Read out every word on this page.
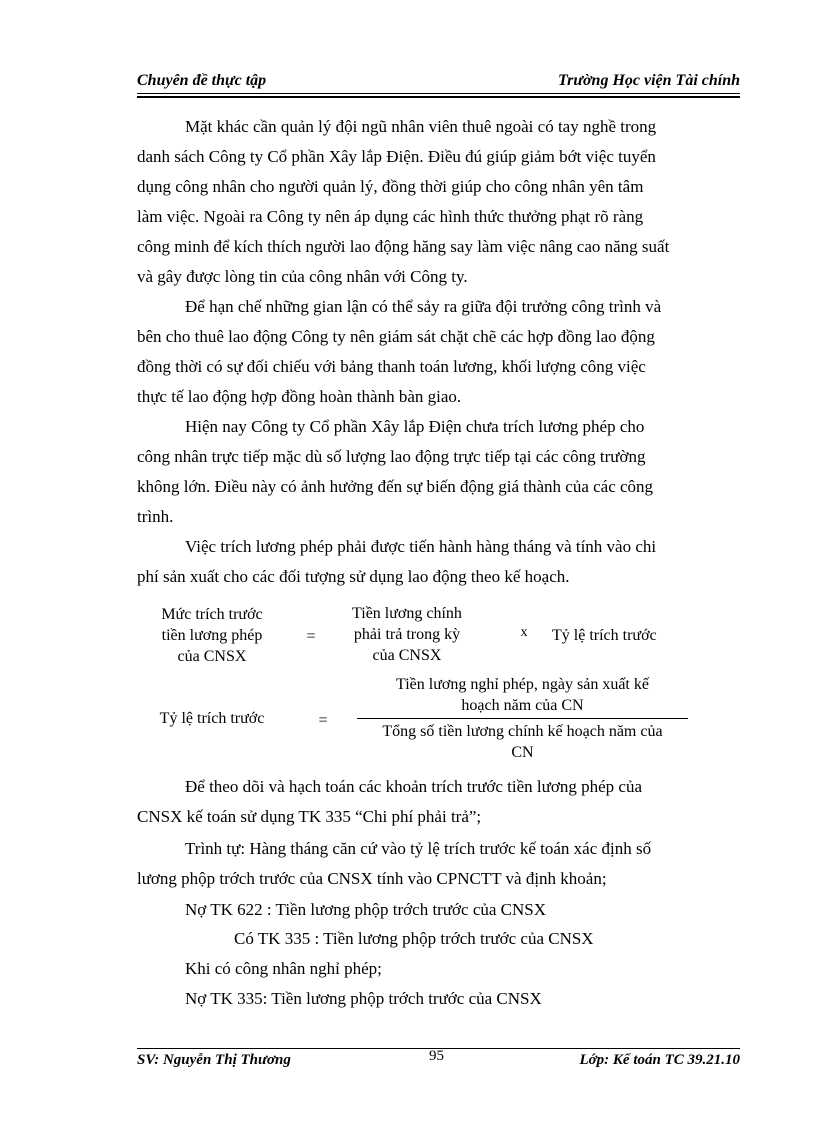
Chuyên đề thực tập	Trường Học viện Tài chính
Mặt khác cần quản lý đội ngũ nhân viên thuê ngoài có tay nghề trong
danh sách Công ty Cổ phần Xây lắp Điện. Điều đú giúp giảm bớt việc tuyển
dụng công nhân cho người quản lý, đồng thời giúp cho công nhân yên tâm
làm việc. Ngoài ra Công ty nên áp dụng các hình thức thưởng phạt rõ ràng
công minh để kích thích người lao động hăng say làm việc nâng cao năng suất
và gây được lòng tin của công nhân với Công ty.
Để hạn chế những gian lận có thể sảy ra giữa đội trưởng công trình và
bên cho thuê lao động Công ty nên giám sát chặt chẽ các hợp đồng lao động
đồng thời có sự đối chiếu với bảng thanh toán lương, khối lượng công việc
thực tế lao động hợp đồng hoàn thành bàn giao.
Hiện nay Công ty Cổ phần Xây lắp Điện chưa trích lương phép cho
công nhân trực tiếp mặc dù số lượng lao động trực tiếp tại các công trường
không lớn. Điều này có ảnh hưởng đến sự biến động giá thành của các công
trình.
Việc trích lương phép phải được tiến hành hàng tháng và tính vào chi
phí sản xuất cho các đối tượng sử dụng lao động theo kế hoạch.
Mức trích trước
tiền lương phép
của CNSX
=
Tiền lương chính
phải trả trong kỳ
của CNSX
x	Tỷ lệ trích trước
Tỷ lệ trích trước	=
Tiền lương nghỉ phép, ngày sản xuất kế
hoạch năm của CN
Tổng số tiền lương chính kế hoạch năm của
CN
Để theo dõi và hạch toán các khoản trích trước tiền lương phép của
CNSX kế toán sử dụng TK 335 “Chi phí phải trả”;
Trình tự: Hàng tháng căn cứ vào tỷ lệ trích trước kế toán xác định số
lương phộp trớch trước của CNSX tính vào CPNCTT và định khoản;
Nợ TK 622 : Tiền lương phộp trớch trước của CNSX
Có TK 335 : Tiền lương phộp trớch trước của CNSX
Khi có công nhân nghỉ phép;
Nợ TK 335: Tiền lương phộp trớch trước của CNSX
SV: Nguyễn Thị Thương	95	Lớp: Kế toán TC 39.21.10
